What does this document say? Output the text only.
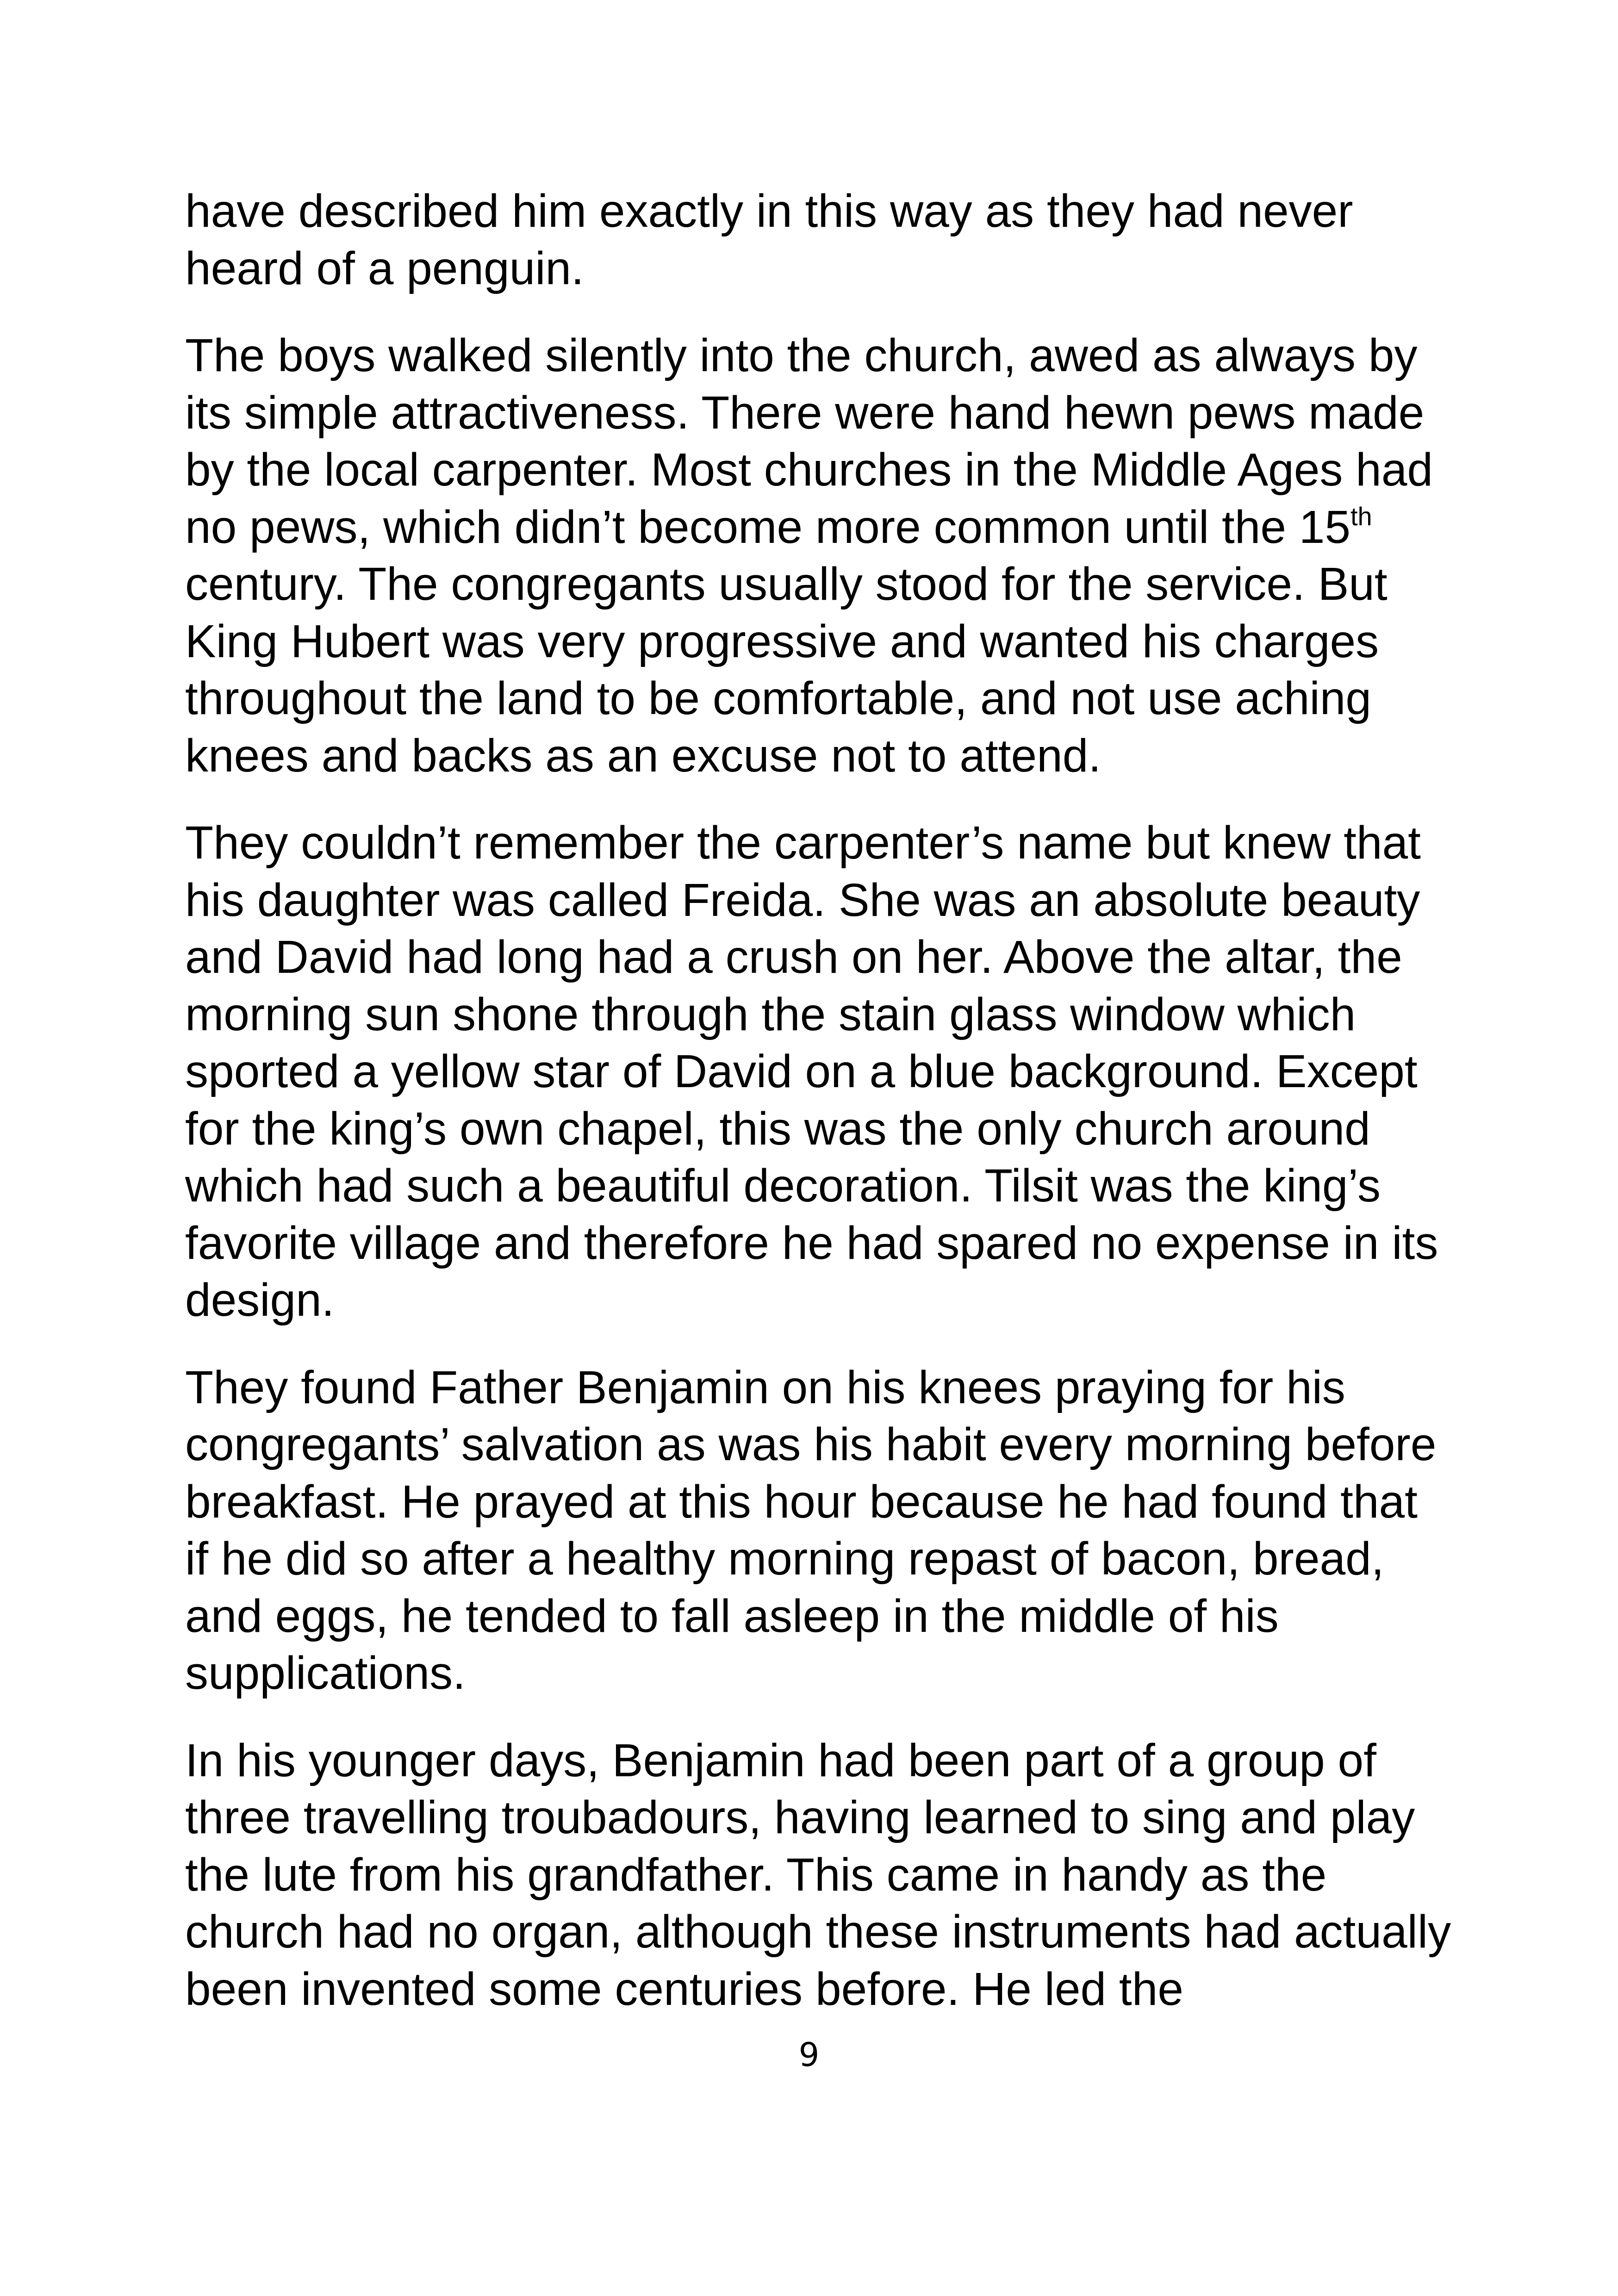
have described him exactly in this way as they had never
heard of a penguin.

The boys walked silently into the church, awed as always by
its simple attractiveness. There were hand hewn pews made
by the local carpenter. Most churches in the Middle Ages had
no pews, which didn’t become more common until the 15th
century. The congregants usually stood for the service. But
King Hubert was very progressive and wanted his charges
throughout the land to be comfortable, and not use aching
knees and backs as an excuse not to attend.

They couldn’t remember the carpenter’s name but knew that
his daughter was called Freida. She was an absolute beauty
and David had long had a crush on her. Above the altar, the
morning sun shone through the stain glass window which
sported a yellow star of David on a blue background. Except
for the king’s own chapel, this was the only church around
which had such a beautiful decoration. Tilsit was the king’s
favorite village and therefore he had spared no expense in its
design.

They found Father Benjamin on his knees praying for his
congregants’ salvation as was his habit every morning before
breakfast. He prayed at this hour because he had found that
if he did so after a healthy morning repast of bacon, bread,
and eggs, he tended to fall asleep in the middle of his
supplications.

In his younger days, Benjamin had been part of a group of
three travelling troubadours, having learned to sing and play
the lute from his grandfather. This came in handy as the
church had no organ, although these instruments had actually
been invented some centuries before. He led the

9
